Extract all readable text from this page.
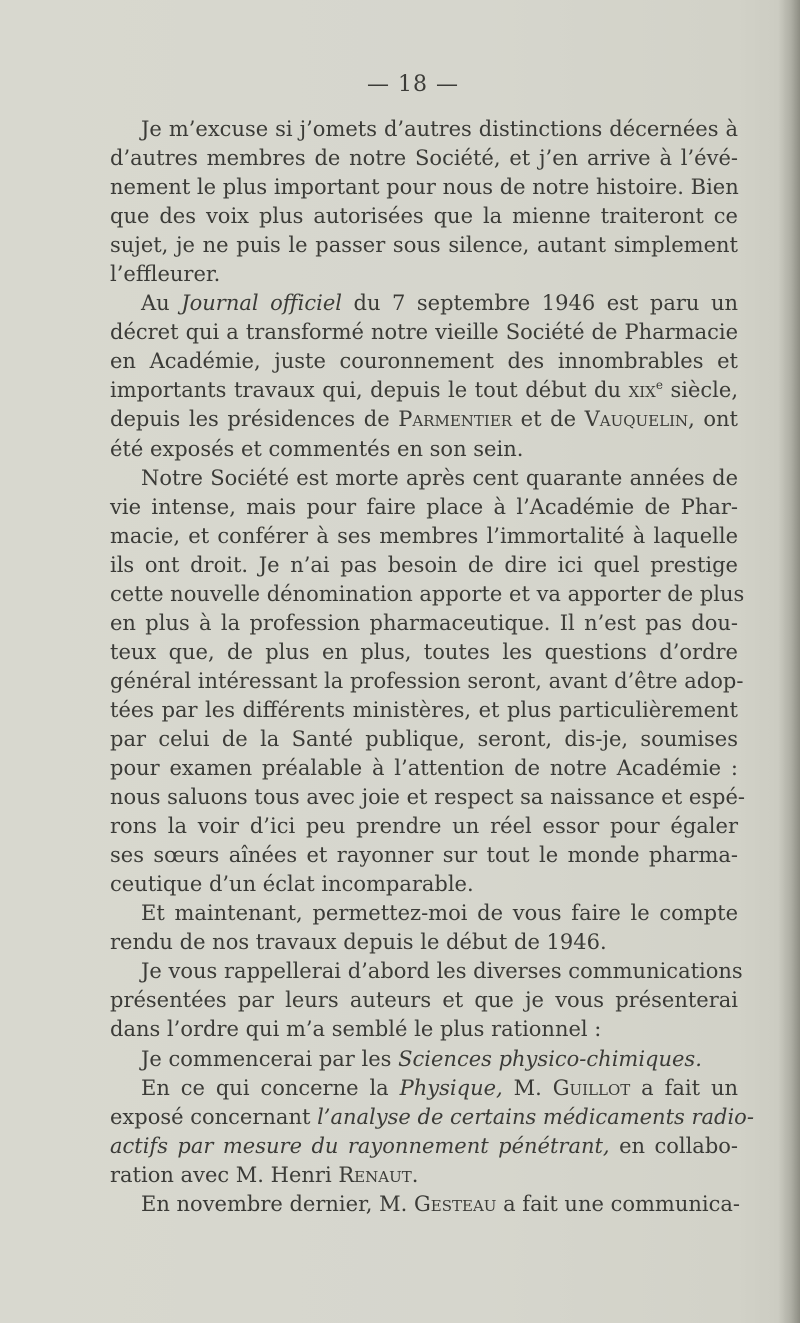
— 18 —
Je m’excuse si j’omets d’autres distinctions décernées à
d’autres membres de notre Société, et j’en arrive à l’évé-
nement le plus important pour nous de notre histoire. Bien
que des voix plus autorisées que la mienne traiteront ce
sujet, je ne puis le passer sous silence, autant simplement
l’effleurer.
Au Journal officiel du 7 septembre 1946 est paru un
décret qui a transformé notre vieille Société de Pharmacie
en Académie, juste couronnement des innombrables et
importants travaux qui, depuis le tout début du xix$^e$ siècle,
depuis les présidences de Parmentier et de Vauquelin, ont
été exposés et commentés en son sein.
Notre Société est morte après cent quarante années de
vie intense, mais pour faire place à l’Académie de Phar-
macie, et conférer à ses membres l’immortalité à laquelle
ils ont droit. Je n’ai pas besoin de dire ici quel prestige
cette nouvelle dénomination apporte et va apporter de plus
en plus à la profession pharmaceutique. Il n’est pas dou-
teux que, de plus en plus, toutes les questions d’ordre
général intéressant la profession seront, avant d’être adop-
tées par les différents ministères, et plus particulièrement
par celui de la Santé publique, seront, dis-je, soumises
pour examen préalable à l’attention de notre Académie :
nous saluons tous avec joie et respect sa naissance et espé-
rons la voir d’ici peu prendre un réel essor pour égaler
ses sœurs aînées et rayonner sur tout le monde pharma-
ceutique d’un éclat incomparable.
Et maintenant, permettez-moi de vous faire le compte
rendu de nos travaux depuis le début de 1946.
Je vous rappellerai d’abord les diverses communications
présentées par leurs auteurs et que je vous présenterai
dans l’ordre qui m’a semblé le plus rationnel :
Je commencerai par les Sciences physico-chimiques.
En ce qui concerne la Physique, M. Guillot a fait un
exposé concernant l’analyse de certains médicaments radio-
actifs par mesure du rayonnement pénétrant, en collabo-
ration avec M. Henri Renaut.
En novembre dernier, M. Gesteau a fait une communica-
